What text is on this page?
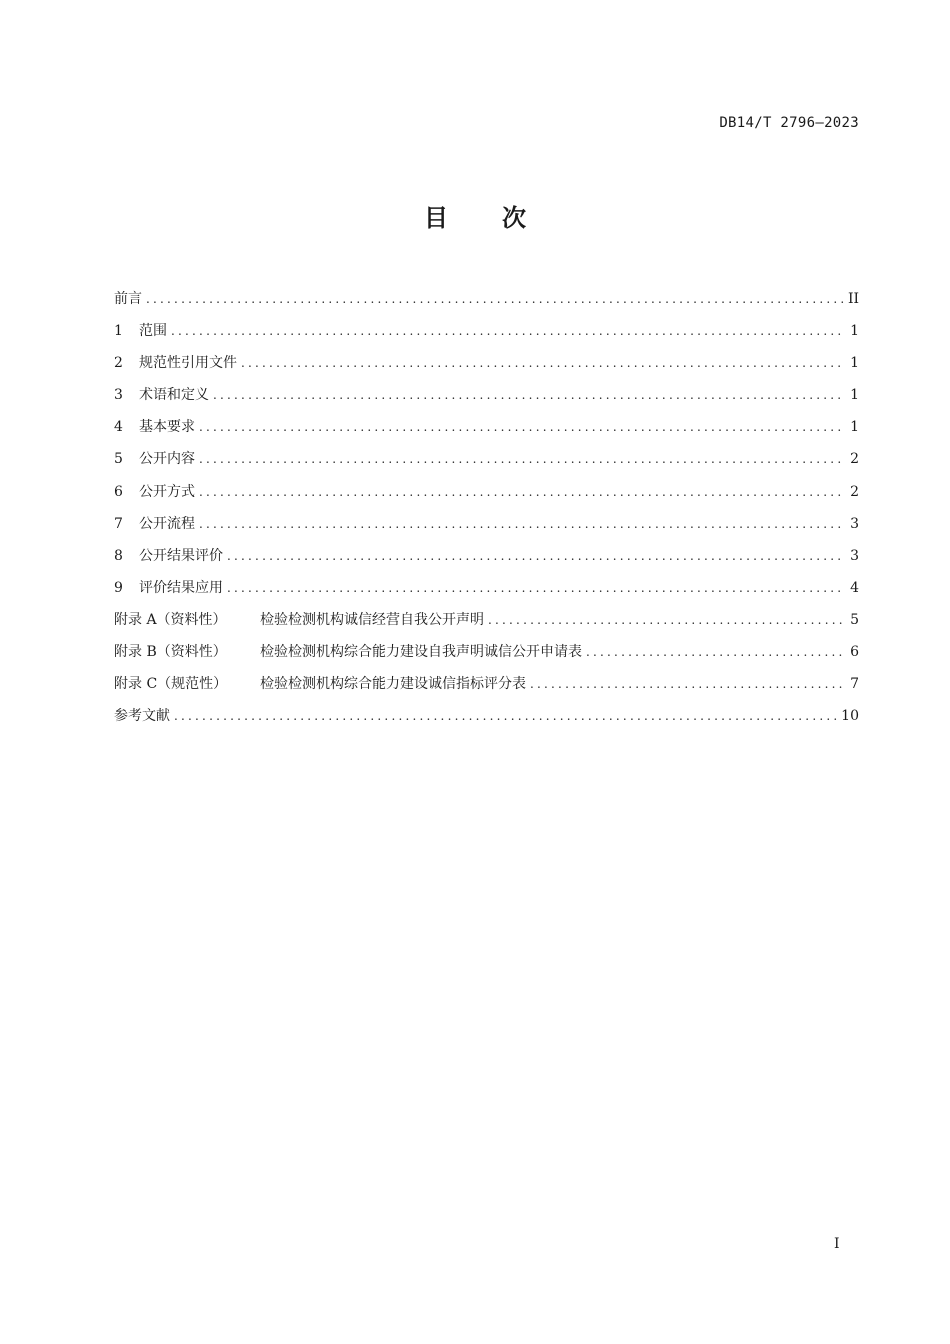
DB14/T 2796—2023
目 次
前言 .....	II
1	范围 .....	1
2	规范性引用文件 .....	1
3	术语和定义 .....	1
4	基本要求 .....	1
5	公开内容 .....	2
6	公开方式 .....	2
7	公开流程 .....	3
8	公开结果评价 .....	3
9	评价结果应用 .....	4
附录 A（资料性）	检验检测机构诚信经营自我公开声明 .....	5
附录 B（资料性）	检验检测机构综合能力建设自我声明诚信公开申请表 .....	6
附录 C（规范性）	检验检测机构综合能力建设诚信指标评分表 .....	7
参考文献 .....	10
I
